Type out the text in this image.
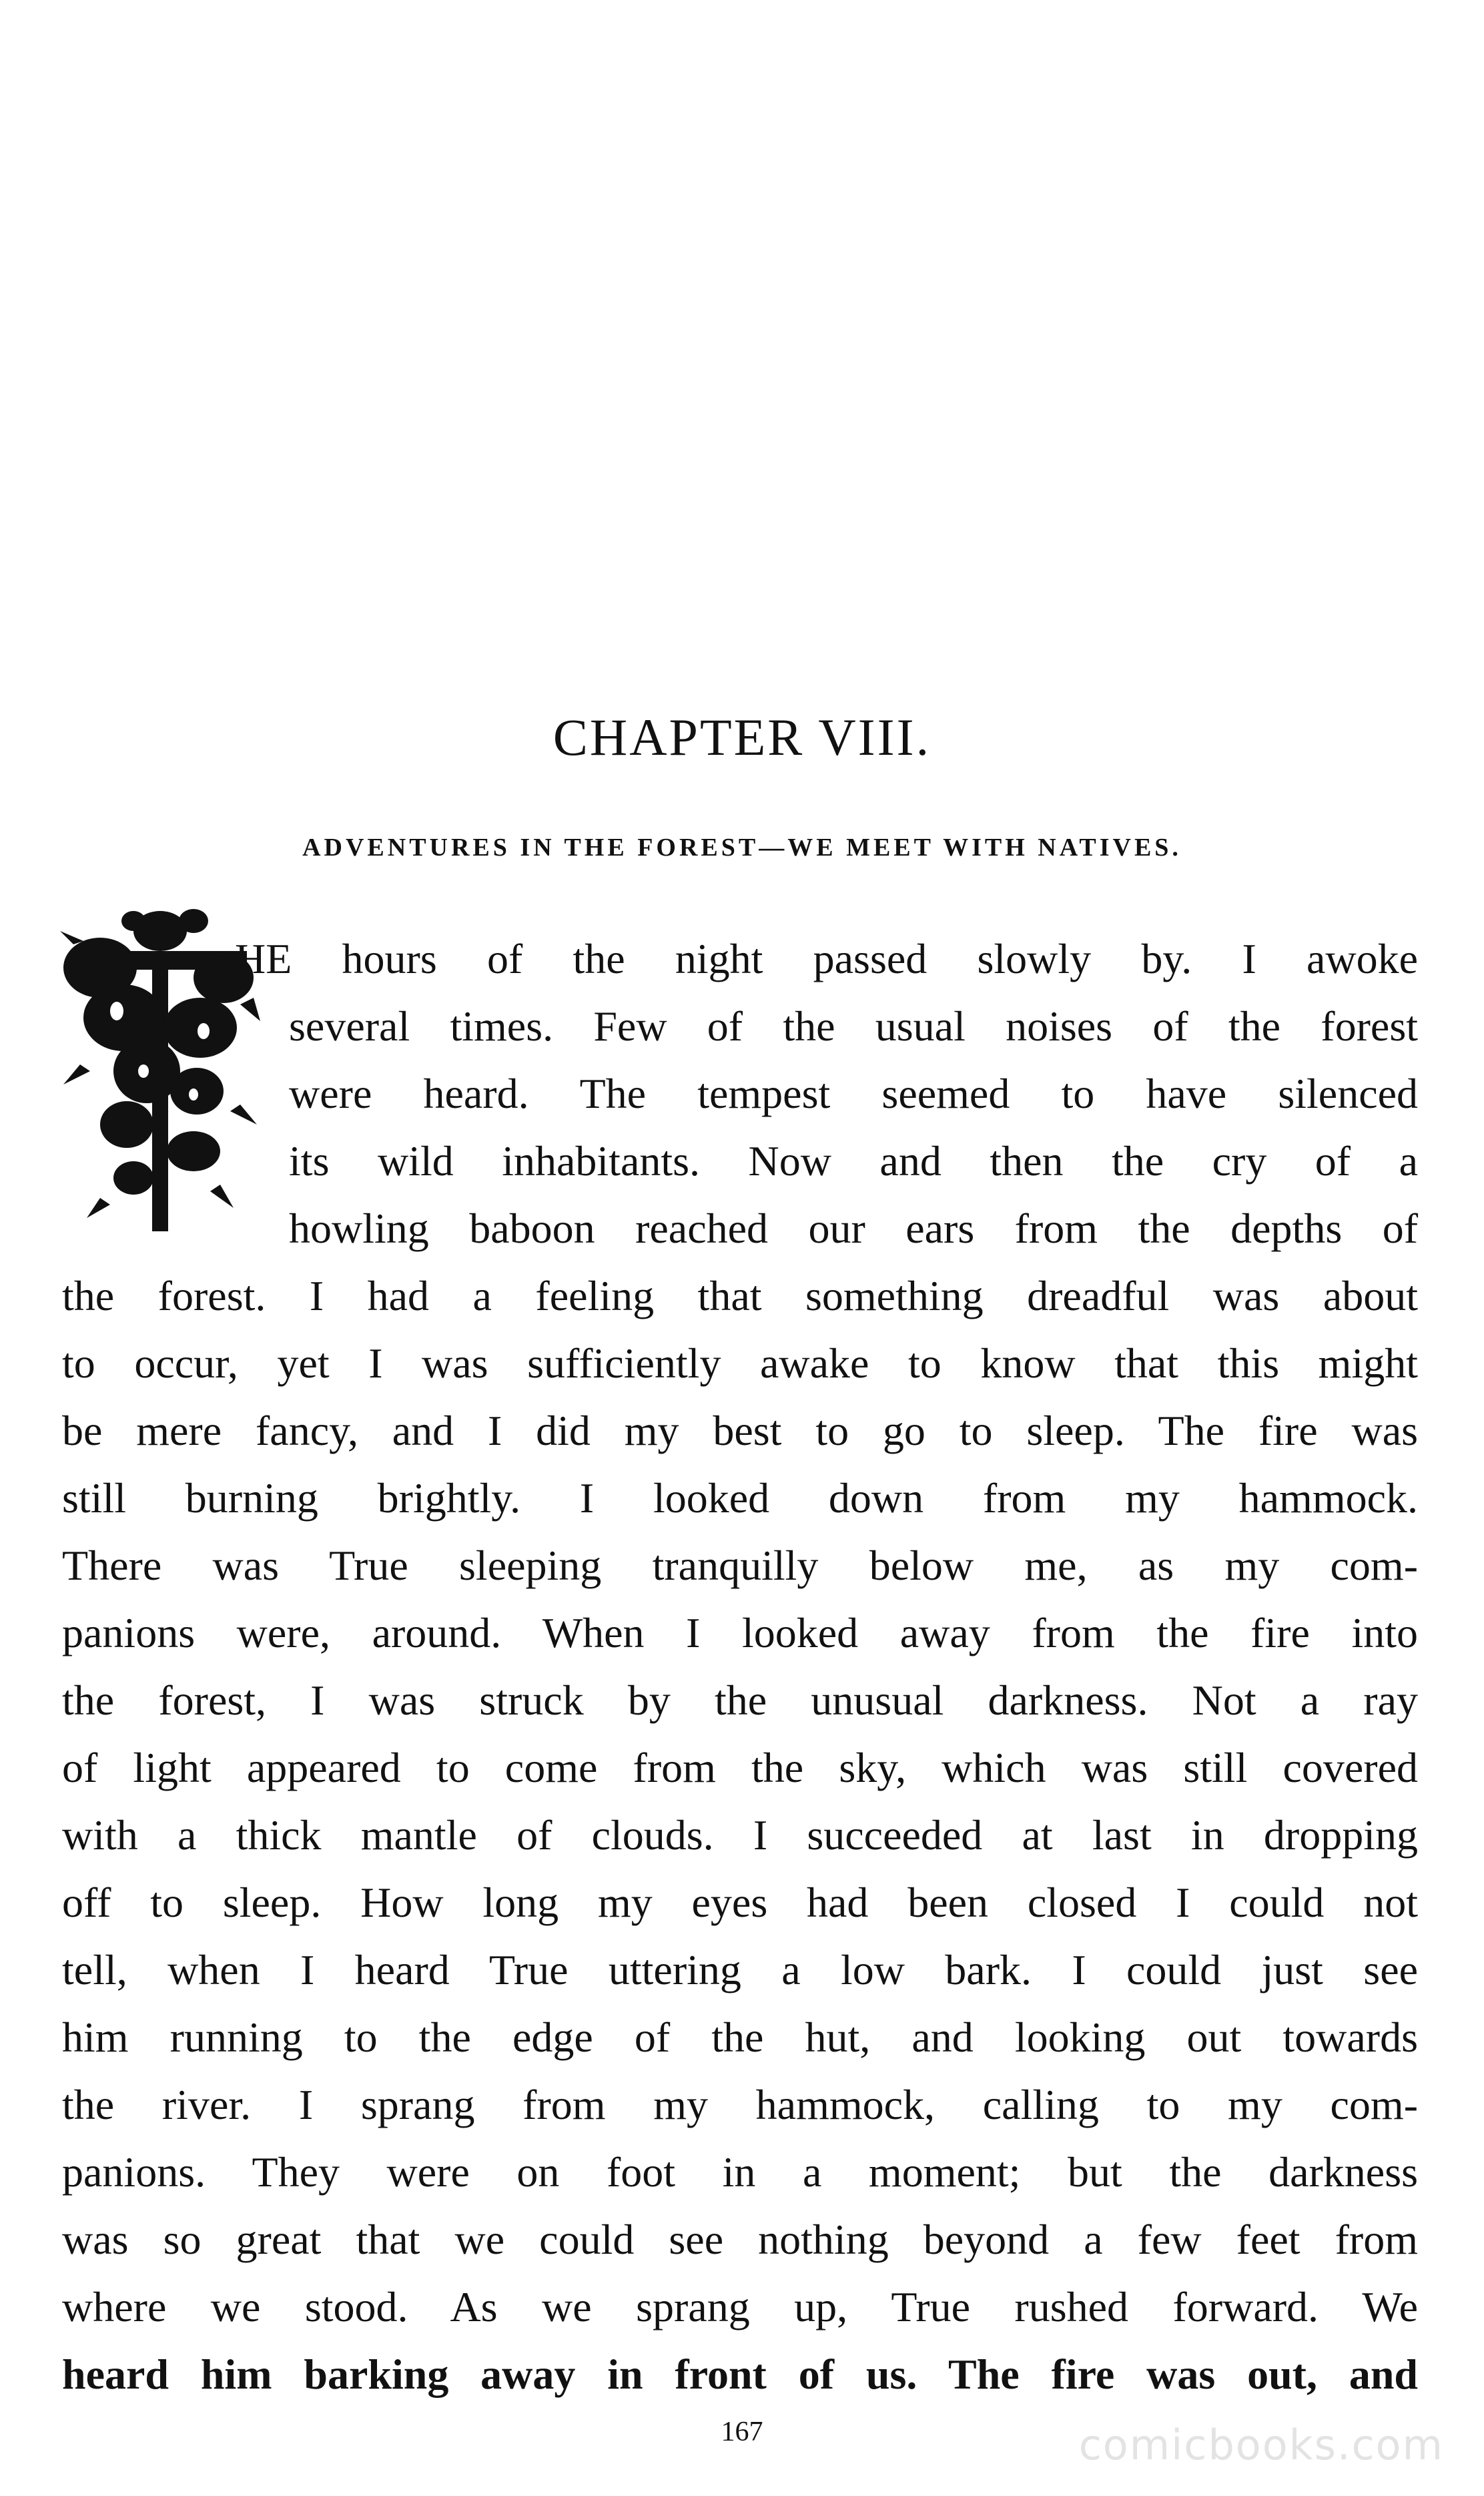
CHAPTER VIII.
ADVENTURES IN THE FOREST—WE MEET WITH NATIVES.
HE hours of the night passed slowly by. I awoke
several times. Few of the usual noises of the forest
were heard. The tempest seemed to have silenced
its wild inhabitants. Now and then the cry of a
howling baboon reached our ears from the depths of
the forest. I had a feeling that something dreadful was about
to occur, yet I was sufficiently awake to know that this might
be mere fancy, and I did my best to go to sleep. The fire was
still burning brightly. I looked down from my hammock.
There was True sleeping tranquilly below me, as my com-
panions were, around. When I looked away from the fire into
the forest, I was struck by the unusual darkness. Not a ray
of light appeared to come from the sky, which was still covered
with a thick mantle of clouds. I succeeded at last in dropping
off to sleep. How long my eyes had been closed I could not
tell, when I heard True uttering a low bark. I could just see
him running to the edge of the hut, and looking out towards
the river. I sprang from my hammock, calling to my com-
panions. They were on foot in a moment; but the darkness
was so great that we could see nothing beyond a few feet from
where we stood. As we sprang up, True rushed forward. We
heard him barking away in front of us. The fire was out, and
167	comicbooks.com
